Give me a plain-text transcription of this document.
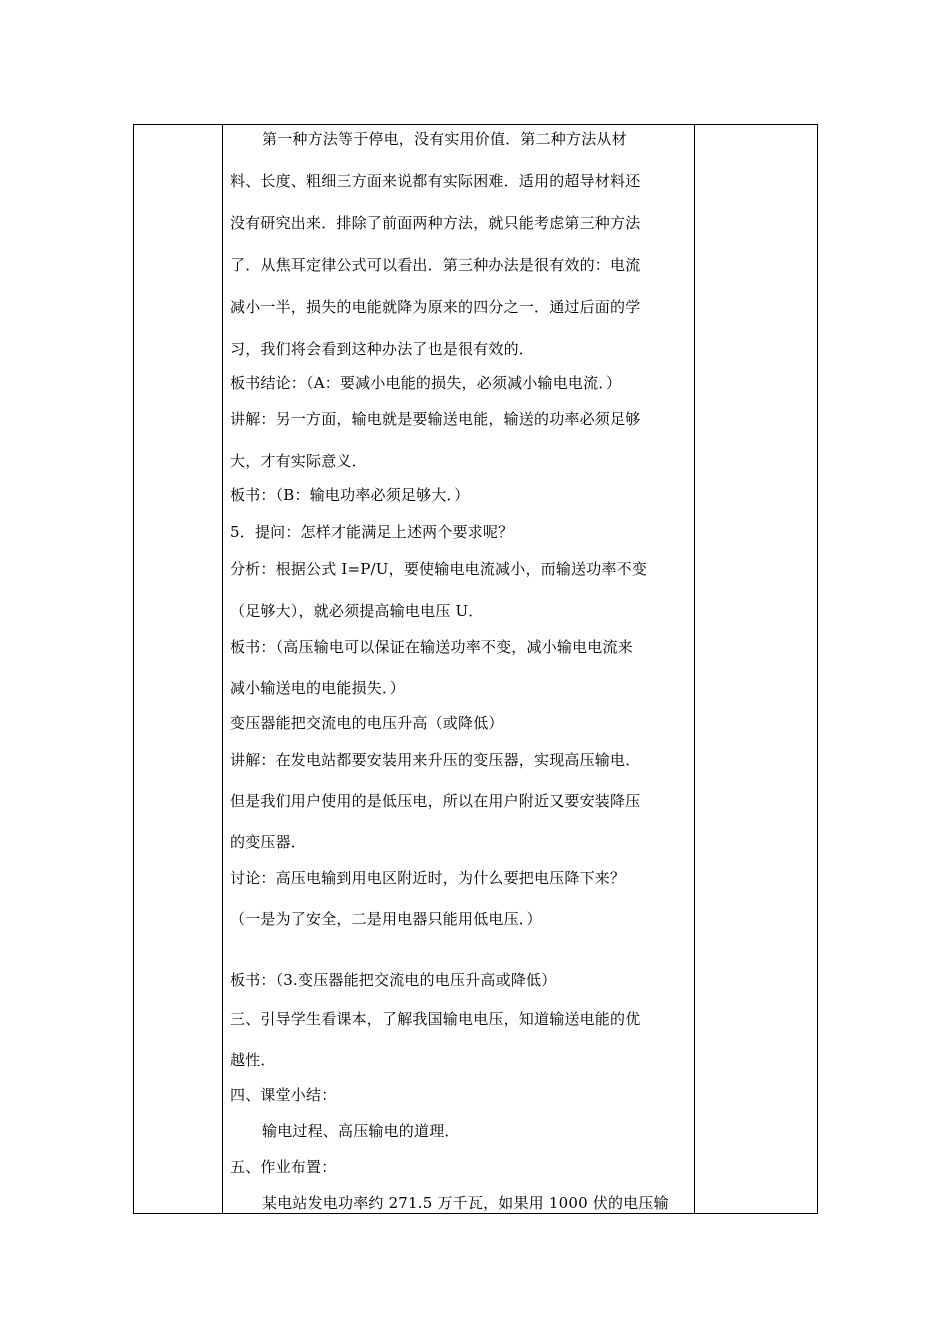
第一种方法等于停电，没有实用价值．第二种方法从材
料、长度、粗细三方面来说都有实际困难．适用的超导材料还
没有研究出来．排除了前面两种方法，就只能考虑第三种方法
了．从焦耳定律公式可以看出．第三种办法是很有效的：电流
减小一半，损失的电能就降为原来的四分之一．通过后面的学
习，我们将会看到这种办法了也是很有效的．
板书结论：（A：要减小电能的损失，必须减小输电电流．）
讲解：另一方面，输电就是要输送电能，输送的功率必须足够
大，才有实际意义．
板书：（B：输电功率必须足够大．）
5．提问：怎样才能满足上述两个要求呢？
分析：根据公式 I=P/U，要使输电电流减小，而输送功率不变
（足够大），就必须提高输电电压 U．
板书：（高压输电可以保证在输送功率不变，减小输电电流来
减小输送电的电能损失．）
变压器能把交流电的电压升高（或降低）
讲解：在发电站都要安装用来升压的变压器，实现高压输电．
但是我们用户使用的是低压电，所以在用户附近又要安装降压
的变压器．
讨论：高压电输到用电区附近时，为什么要把电压降下来？
（一是为了安全，二是用电器只能用低电压．）
板书：（3.变压器能把交流电的电压升高或降低）
三、引导学生看课本，了解我国输电电压，知道输送电能的优
越性．
四、课堂小结：
输电过程、高压输电的道理．
五、作业布置：
某电站发电功率约 271.5 万千瓦，如果用 1000 伏的电压输
